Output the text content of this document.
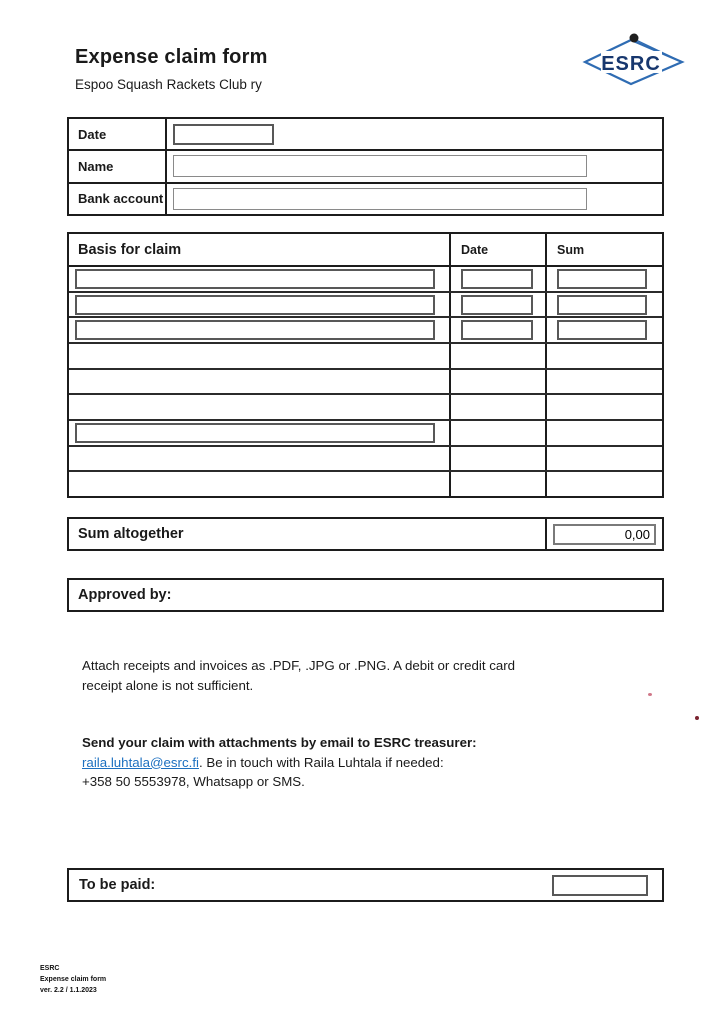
Expense claim form
Espoo Squash Rackets Club ry
ESRC
Date
Name
Bank account
Basis for claim	Date	Sum
Sum altogether
0,00
Approved by:
Attach receipts and invoices as .PDF, .JPG or .PNG. A debit or credit card
receipt alone is not sufficient.
Send your claim with attachments by email to ESRC treasurer:
raila.luhtala@esrc.fi. Be in touch with Raila Luhtala if needed:
+358 50 5553978, Whatsapp or SMS.
To be paid:
ESRC
Expense claim form
ver. 2.2 / 1.1.2023
